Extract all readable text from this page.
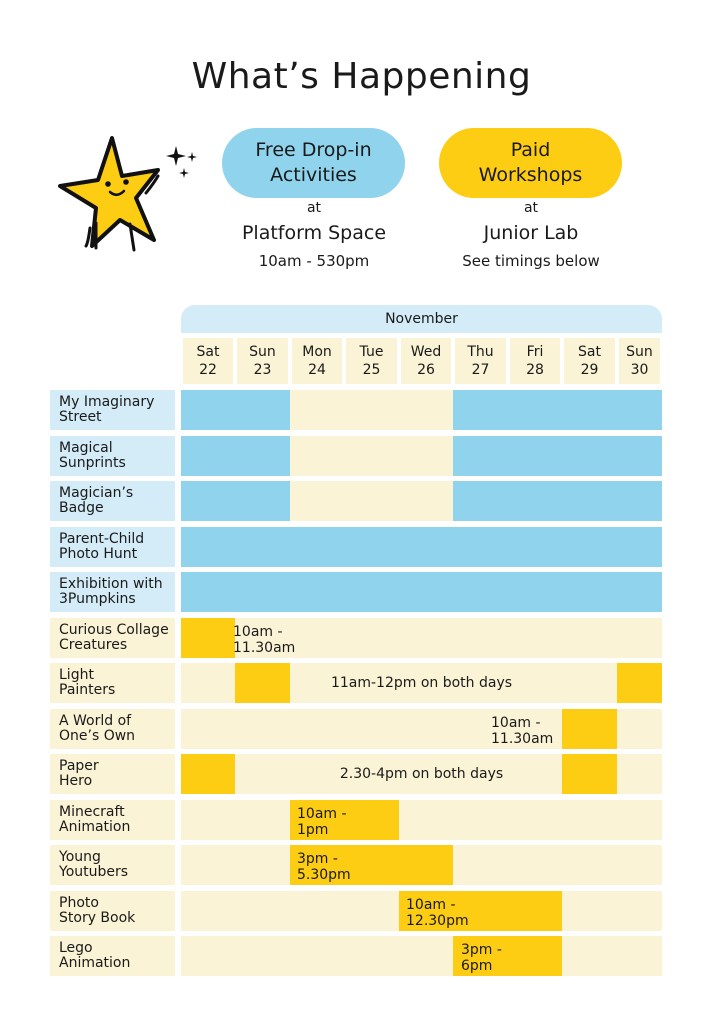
What’s Happening
Free Drop-in
Activities
Paid
Workshops
at
Platform Space
10am - 530pm
at
Junior Lab
See timings below
November
Sat
22
Sun
23
Mon
24
Tue
25
Wed
26
Thu
27
Fri
28
Sat
29
Sun
30
My Imaginary
Street
Magical
Sunprints
Magician’s
Badge
Parent-Child
Photo Hunt
Exhibition with
3Pumpkins
Curious Collage
Creatures
10am -
11.30am
Light
Painters	11am-12pm on both days
A World of
One’s Own
10am -
11.30am
Paper
Hero	2.30-4pm on both days
Minecraft
Animation
10am -
1pm
Young
Youtubers
3pm -
5.30pm
Photo
Story Book
10am -
12.30pm
Lego
Animation
3pm -
6pm
